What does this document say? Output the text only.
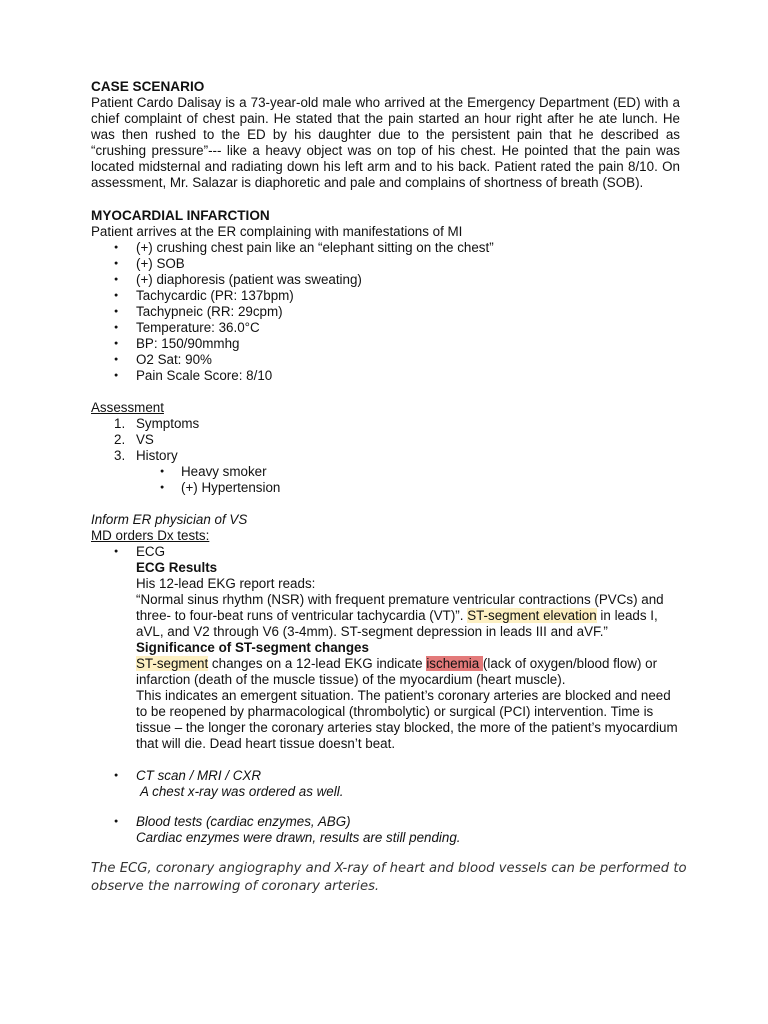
CASE SCENARIO

Patient Cardo Dalisay is a 73-year-old male who arrived at the Emergency Department (ED) with a chief complaint of chest pain. He stated that the pain started an hour right after he ate lunch. He was then rushed to the ED by his daughter due to the persistent pain that he described as “crushing pressure”--- like a heavy object was on top of his chest. He pointed that the pain was located midsternal and radiating down his left arm and to his back. Patient rated the pain 8/10. On assessment, Mr. Salazar is diaphoretic and pale and complains of shortness of breath (SOB).

MYOCARDIAL INFARCTION

Patient arrives at the ER complaining with manifestations of MI

● (+) crushing chest pain like an “elephant sitting on the chest”
● (+) SOB
● (+) diaphoresis (patient was sweating)
● Tachycardic (PR: 137bpm)
● Tachypneic (RR: 29cpm)
● Temperature: 36.0°C
● BP: 150/90mmhg
● O2 Sat: 90%
● Pain Scale Score: 8/10
Assessment
1. Symptoms
2. VS
3. History
● Heavy smoker
● (+) Hypertension
Inform ER physician of VS
MD orders Dx tests:
● ECG
ECG Results
His 12-lead EKG report reads:
“Normal sinus rhythm (NSR) with frequent premature ventricular contractions (PVCs) and three- to four-beat runs of ventricular tachycardia (VT)”. ST-segment elevation in leads I, aVL, and V2 through V6 (3-4mm). ST-segment depression in leads III and aVF.”
Significance of ST-segment changes
ST-segment changes on a 12-lead EKG indicate ischemia (lack of oxygen/blood flow) or infarction (death of the muscle tissue) of the myocardium (heart muscle).
This indicates an emergent situation. The patient’s coronary arteries are blocked and need to be reopened by pharmacological (thrombolytic) or surgical (PCI) intervention. Time is tissue – the longer the coronary arteries stay blocked, the more of the patient’s myocardium that will die. Dead heart tissue doesn’t beat.
● CT scan / MRI / CXR
A chest x-ray was ordered as well.
● Blood tests (cardiac enzymes, ABG)
Cardiac enzymes were drawn, results are still pending.
The ECG, coronary angiography and X-ray of heart and blood vessels can be performed to observe the narrowing of coronary arteries.
